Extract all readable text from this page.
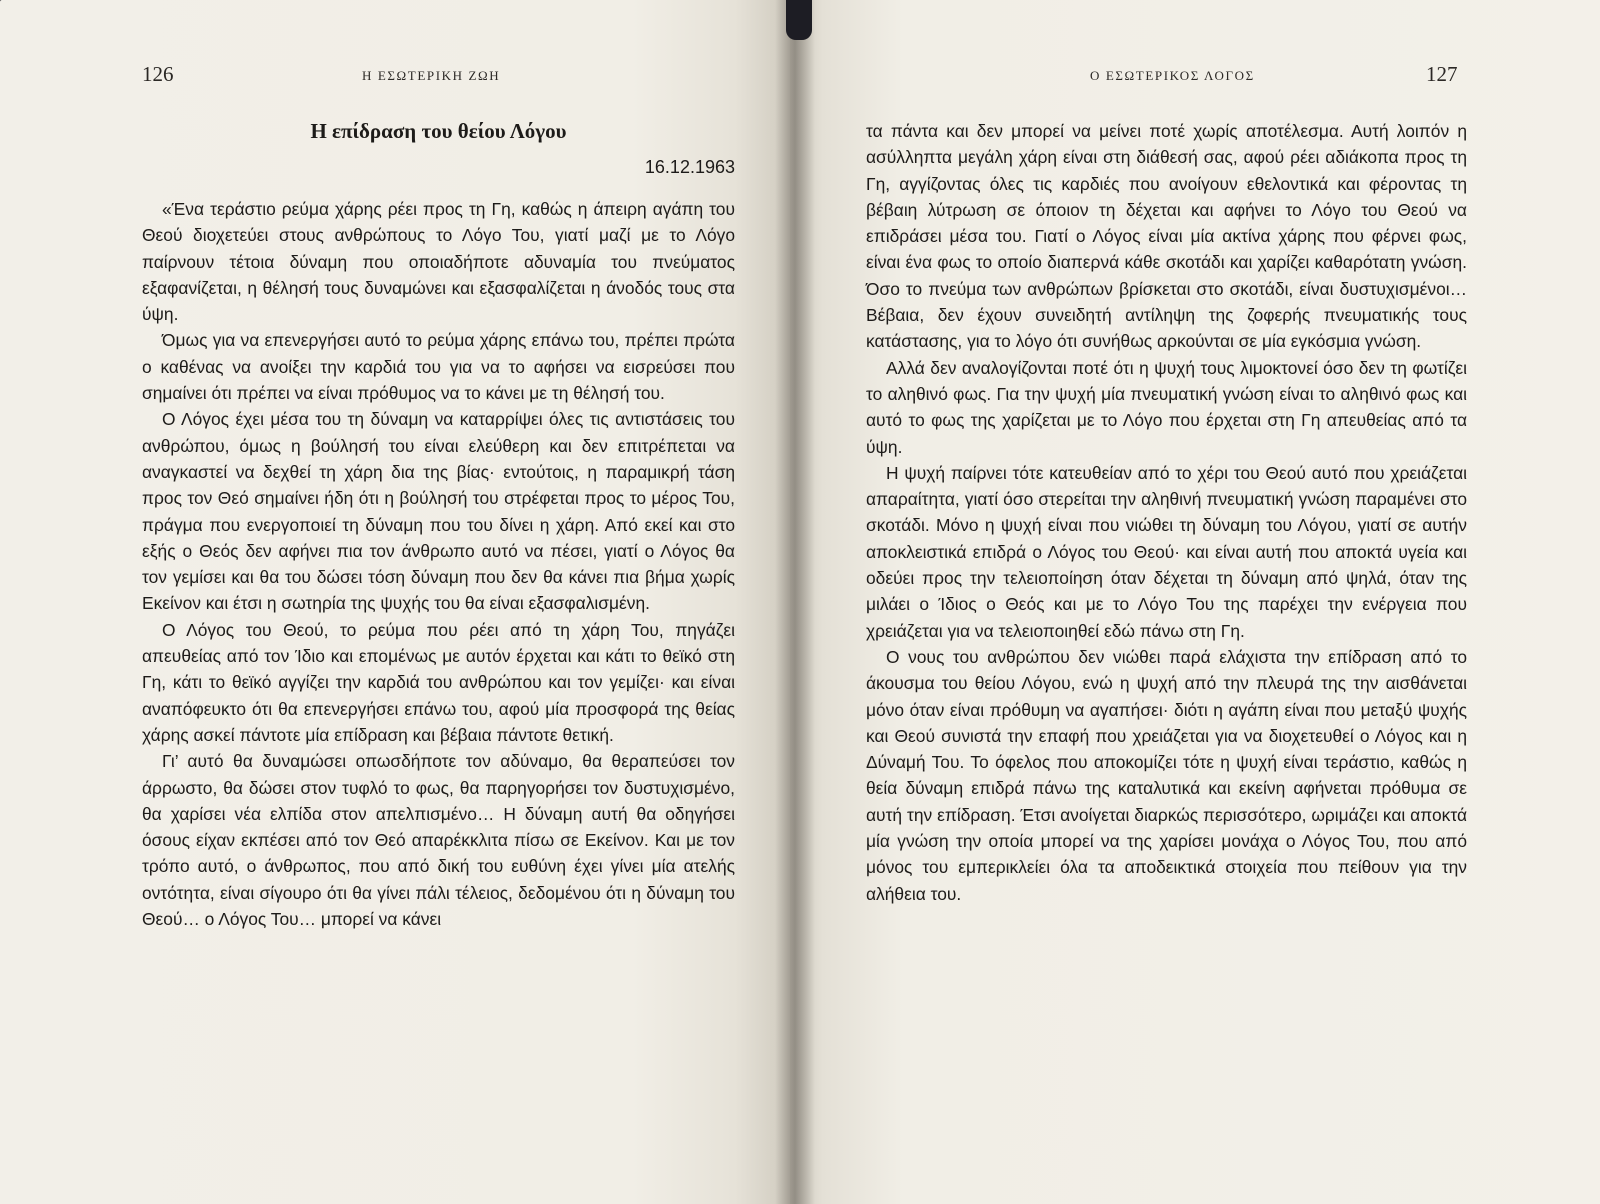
126	Η ΕΣΩΤΕΡΙΚΗ ΖΩΗ
Η επίδραση του θείου Λόγου
16.12.1963

«Ένα τεράστιο ρεύμα χάρης ρέει προς τη Γη, καθώς η άπειρη αγάπη του Θεού διοχετεύει στους ανθρώπους το Λόγο Του, γιατί μαζί με το Λόγο παίρνουν τέτοια δύναμη που οποιαδήποτε αδυναμία του πνεύματος εξαφανίζεται, η θέλησή τους δυναμώνει και εξασφαλίζεται η άνοδός τους στα ύψη.

Όμως για να επενεργήσει αυτό το ρεύμα χάρης επάνω του, πρέπει πρώτα ο καθένας να ανοίξει την καρδιά του για να το αφήσει να εισρεύσει που σημαίνει ότι πρέπει να είναι πρόθυμος να το κάνει με τη θέλησή του.

Ο Λόγος έχει μέσα του τη δύναμη να καταρρίψει όλες τις αντιστάσεις του ανθρώπου, όμως η βούλησή του είναι ελεύθερη και δεν επιτρέπεται να αναγκαστεί να δεχθεί τη χάρη δια της βίας· εντούτοις, η παραμικρή τάση προς τον Θεό σημαίνει ήδη ότι η βούλησή του στρέφεται προς το μέρος Του, πράγμα που ενεργοποιεί τη δύναμη που του δίνει η χάρη. Από εκεί και στο εξής ο Θεός δεν αφήνει πια τον άνθρωπο αυτό να πέσει, γιατί ο Λόγος θα τον γεμίσει και θα του δώσει τόση δύναμη που δεν θα κάνει πια βήμα χωρίς Εκείνον και έτσι η σωτηρία της ψυχής του θα είναι εξασφαλισμένη.

Ο Λόγος του Θεού, το ρεύμα που ρέει από τη χάρη Του, πηγάζει απευθείας από τον Ίδιο και επομένως με αυτόν έρχεται και κάτι το θεϊκό στη Γη, κάτι το θεϊκό αγγίζει την καρδιά του ανθρώπου και τον γεμίζει· και είναι αναπόφευκτο ότι θα επενεργήσει επάνω του, αφού μία προσφορά της θείας χάρης ασκεί πάντοτε μία επίδραση και βέβαια πάντοτε θετική.

Γι’ αυτό θα δυναμώσει οπωσδήποτε τον αδύναμο, θα θεραπεύσει τον άρρωστο, θα δώσει στον τυφλό το φως, θα παρηγορήσει τον δυστυχισμένο, θα χαρίσει νέα ελπίδα στον απελπισμένο… Η δύναμη αυτή θα οδηγήσει όσους είχαν εκπέσει από τον Θεό απαρέκκλιτα πίσω σε Εκείνον. Και με τον τρόπο αυτό, ο άνθρωπος, που από δική του ευθύνη έχει γίνει μία ατελής οντότητα, είναι σίγουρο ότι θα γίνει πάλι τέλειος, δεδομένου ότι η δύναμη του Θεού… ο Λόγος Του… μπορεί να κάνει

Ο ΕΣΩΤΕΡΙΚΟΣ ΛΟΓΟΣ	127

τα πάντα και δεν μπορεί να μείνει ποτέ χωρίς αποτέλεσμα. Αυτή λοιπόν η ασύλληπτα μεγάλη χάρη είναι στη διάθεσή σας, αφού ρέει αδιάκοπα προς τη Γη, αγγίζοντας όλες τις καρδιές που ανοίγουν εθελοντικά και φέροντας τη βέβαιη λύτρωση σε όποιον τη δέχεται και αφήνει το Λόγο του Θεού να επιδράσει μέσα του. Γιατί ο Λόγος είναι μία ακτίνα χάρης που φέρνει φως, είναι ένα φως το οποίο διαπερνά κάθε σκοτάδι και χαρίζει καθαρότατη γνώση. Όσο το πνεύμα των ανθρώπων βρίσκεται στο σκοτάδι, είναι δυστυχισμένοι… Βέβαια, δεν έχουν συνειδητή αντίληψη της ζοφερής πνευματικής τους κατάστασης, για το λόγο ότι συνήθως αρκούνται σε μία εγκόσμια γνώση.

Αλλά δεν αναλογίζονται ποτέ ότι η ψυχή τους λιμοκτονεί όσο δεν τη φωτίζει το αληθινό φως. Για την ψυχή μία πνευματική γνώση είναι το αληθινό φως και αυτό το φως της χαρίζεται με το Λόγο που έρχεται στη Γη απευθείας από τα ύψη.

Η ψυχή παίρνει τότε κατευθείαν από το χέρι του Θεού αυτό που χρειάζεται απαραίτητα, γιατί όσο στερείται την αληθινή πνευματική γνώση παραμένει στο σκοτάδι. Μόνο η ψυχή είναι που νιώθει τη δύναμη του Λόγου, γιατί σε αυτήν αποκλειστικά επιδρά ο Λόγος του Θεού· και είναι αυτή που αποκτά υγεία και οδεύει προς την τελειοποίηση όταν δέχεται τη δύναμη από ψηλά, όταν της μιλάει ο Ίδιος ο Θεός και με το Λόγο Του της παρέχει την ενέργεια που χρειάζεται για να τελειοποιηθεί εδώ πάνω στη Γη.

Ο νους του ανθρώπου δεν νιώθει παρά ελάχιστα την επίδραση από το άκουσμα του θείου Λόγου, ενώ η ψυχή από την πλευρά της την αισθάνεται μόνο όταν είναι πρόθυμη να αγαπήσει· διότι η αγάπη είναι που μεταξύ ψυχής και Θεού συνιστά την επαφή που χρειάζεται για να διοχετευθεί ο Λόγος και η Δύναμή Του. Το όφελος που αποκομίζει τότε η ψυχή είναι τεράστιο, καθώς η θεία δύναμη επιδρά πάνω της καταλυτικά και εκείνη αφήνεται πρόθυμα σε αυτή την επίδραση. Έτσι ανοίγεται διαρκώς περισσότερο, ωριμάζει και αποκτά μία γνώση την οποία μπορεί να της χαρίσει μονάχα ο Λόγος Του, που από μόνος του εμπερικλείει όλα τα αποδεικτικά στοιχεία που πείθουν για την αλήθεια του.
